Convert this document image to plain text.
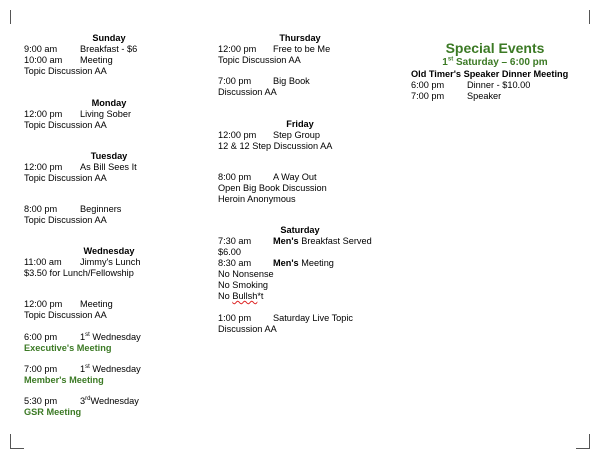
Sunday
9:00 am Breakfast - $6
10:00 am Meeting
Topic Discussion AA
Monday
12:00 pm Living Sober
Topic Discussion AA
Tuesday
12:00 pm As Bill Sees It
Topic Discussion AA
8:00 pm Beginners
Topic Discussion AA
Wednesday
11:00 am Jimmy's Lunch
$3.50 for Lunch/Fellowship
12:00 pm Meeting
Topic Discussion AA
6:00 pm 1st Wednesday
Executive's Meeting
7:00 pm 1st Wednesday
Member's Meeting
5:30 pm 3rdWednesday
GSR Meeting
Thursday
12:00 pm Free to be Me
Topic Discussion AA
7:00 pm Big Book
Discussion AA
Friday
12:00 pm Step Group
12 & 12 Step Discussion AA
8:00 pm A Way Out
Open Big Book Discussion
Heroin Anonymous
Saturday
7:30 am Men's Breakfast Served
$6.00
8:30 am Men's Meeting
No Nonsense
No Smoking
No Bullsh*t
1:00 pm Saturday Live Topic
Discussion AA
Special Events
1st Saturday – 6:00 pm
Old Timer's Speaker Dinner Meeting
6:00 pm Dinner - $10.00
7:00 pm Speaker
